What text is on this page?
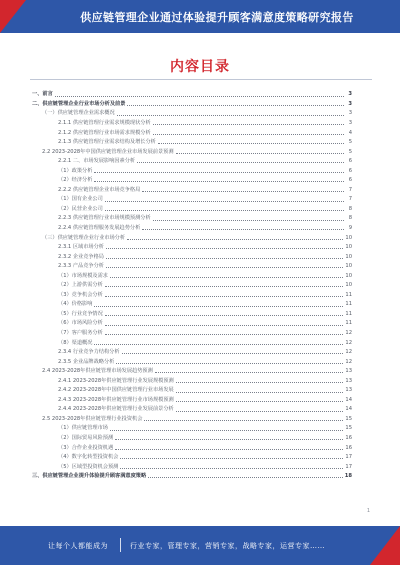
供应链管理企业通过体验提升顾客满意度策略研究报告
内容目录
一、前言	3
二、供应链管理企业行业市场分析及前景	3
（一）供应链管理企业需求概况	3
2.1.1 供应链管理行业需求规模现状分析	3
2.1.2 供应链管理行业市场需求规模分析	4
2.1.3 供应链管理行业需求结构及增长分析	5
2.2 2023-2028年中国供应链管理企业市场发展前景预测	5
2.2.1 二、市场发展影响因素分析	6
（1）政策分析	6
（2）经济分析	6
2.2.2 供应链管理企业市场竞争格局	7
（1）国有企业公司	7
（2）民营企业公司	8
2.2.3 供应链管理行业市场规模预测分析	8
2.2.4 供应链管理服务发展趋势分析	9
（三）供应链管理企业行业市场分析	10
2.3.1 区域市场分析	10
2.3.2 企业竞争格局	10
2.3.3 产品竞争分析	10
（1）市场规模及需求	10
（2）上游供需分析	10
（3）竞争机会分析	11
（4）价格影响	11
（5）行业竞争情况	11
（6）市场风险分析	11
（7）客户服务分析	12
（8）渠道概况	12
2.3.4 行业竞争力结构分析	12
2.3.5 企业品牌战略分析	12
2.4 2023-2028年供应链管理市场发展趋势预测	13
2.4.1 2023-2028年供应链管理行业发展规模预测	13
2.4.2 2023-2028年中国供应链管理行业市场发展	13
2.4.3 2023-2028年供应链管理行业市场规模预测	14
2.4.4 2023-2028年供应链管理行业发展前景分析	14
2.5 2023-2028年供应链管理行业投资机会	15
（1）供应链管理市场	15
（2）国际贸易风险预测	16
（3）合作企业投资机遇	16
（4）数字化转型投资机会	17
（5）区域型投资机会预测	17
三、供应链管理企业提升体验提升顾客满意度策略	18
1
让每个人都能成为	行业专家，管理专家，营销专家，战略专家，运营专家……
